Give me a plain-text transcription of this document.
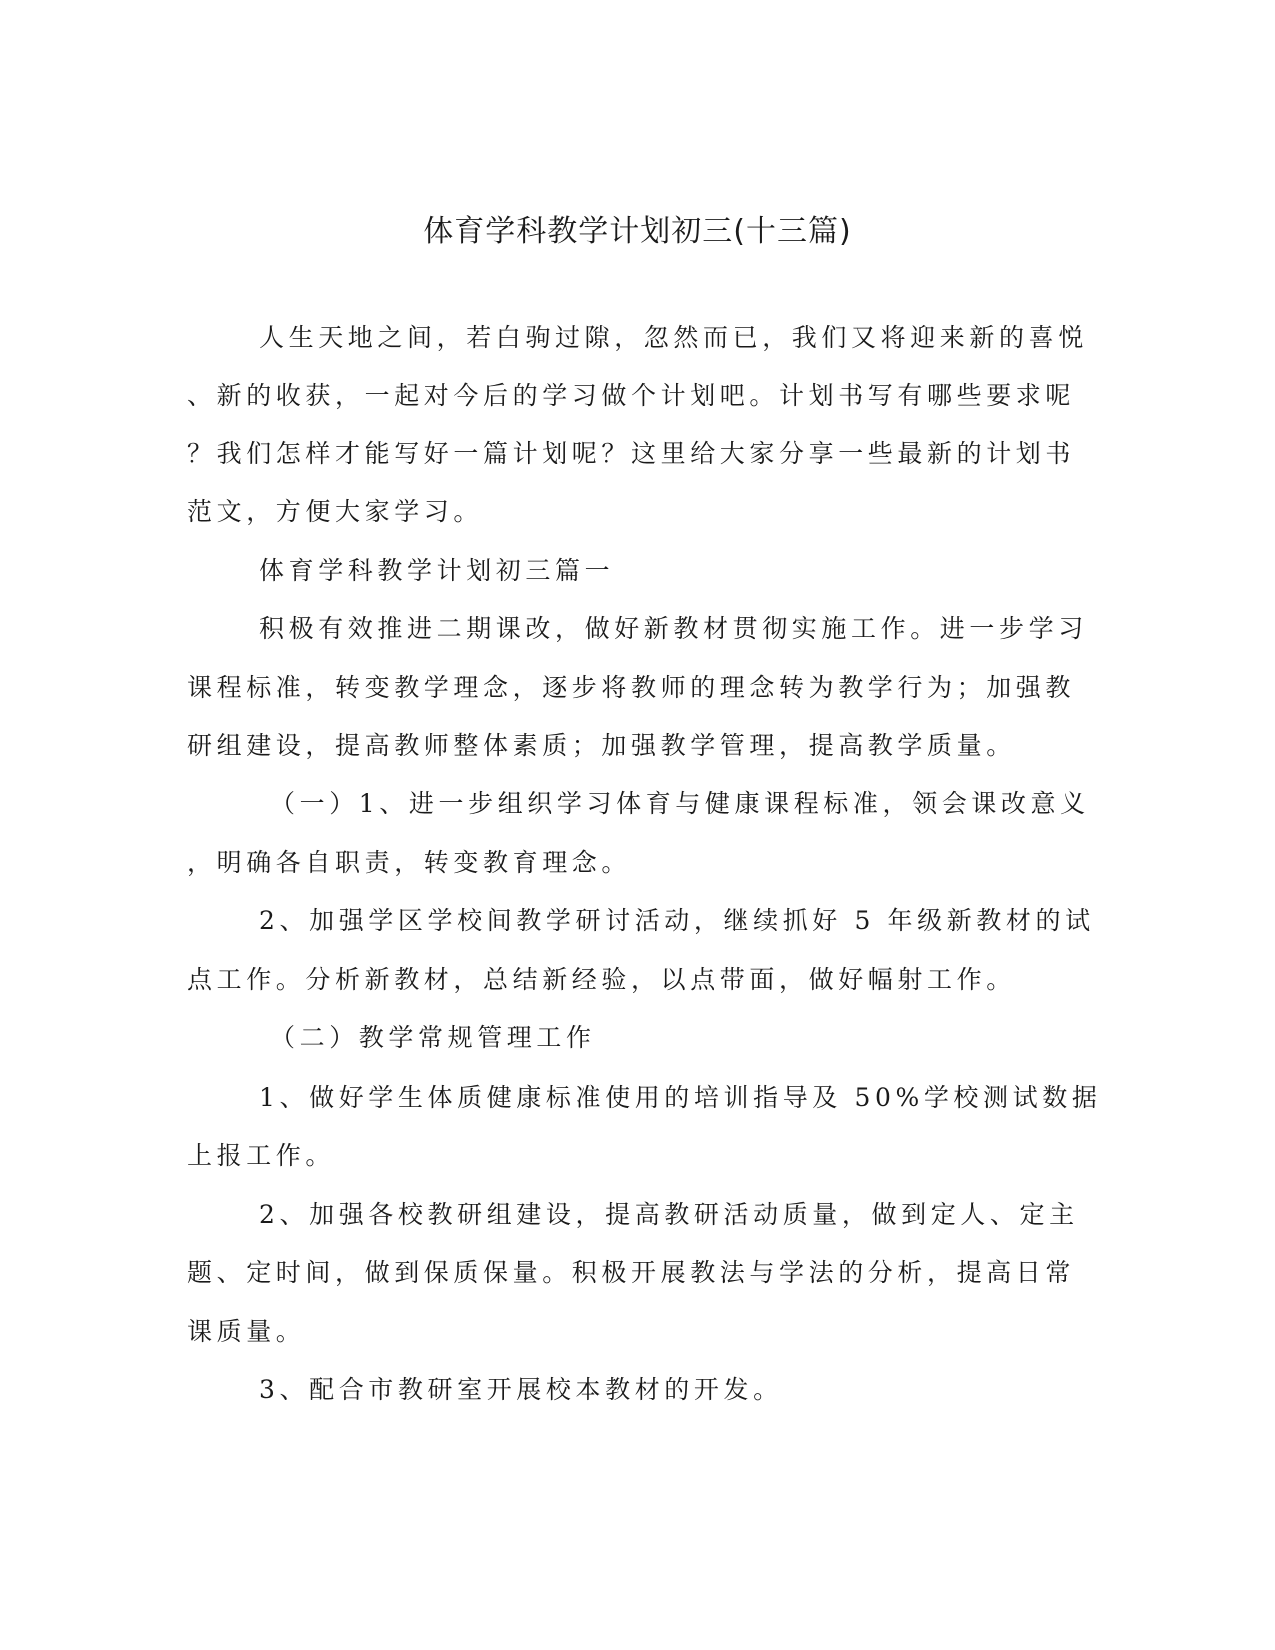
体育学科教学计划初三(十三篇)

人生天地之间，若白驹过隙，忽然而已，我们又将迎来新的喜悦

、新的收获，一起对今后的学习做个计划吧。计划书写有哪些要求呢

？我们怎样才能写好一篇计划呢？这里给大家分享一些最新的计划书

范文，方便大家学习。

体育学科教学计划初三篇一

积极有效推进二期课改，做好新教材贯彻实施工作。进一步学习

课程标准，转变教学理念，逐步将教师的理念转为教学行为；加强教

研组建设，提高教师整体素质；加强教学管理，提高教学质量。

（一）1、进一步组织学习体育与健康课程标准，领会课改意义

，明确各自职责，转变教育理念。

2、加强学区学校间教学研讨活动，继续抓好 5 年级新教材的试

点工作。分析新教材，总结新经验，以点带面，做好幅射工作。

（二）教学常规管理工作

1、做好学生体质健康标准使用的培训指导及 50%学校测试数据

上报工作。

2、加强各校教研组建设，提高教研活动质量，做到定人、定主

题、定时间，做到保质保量。积极开展教法与学法的分析，提高日常

课质量。

3、配合市教研室开展校本教材的开发。
